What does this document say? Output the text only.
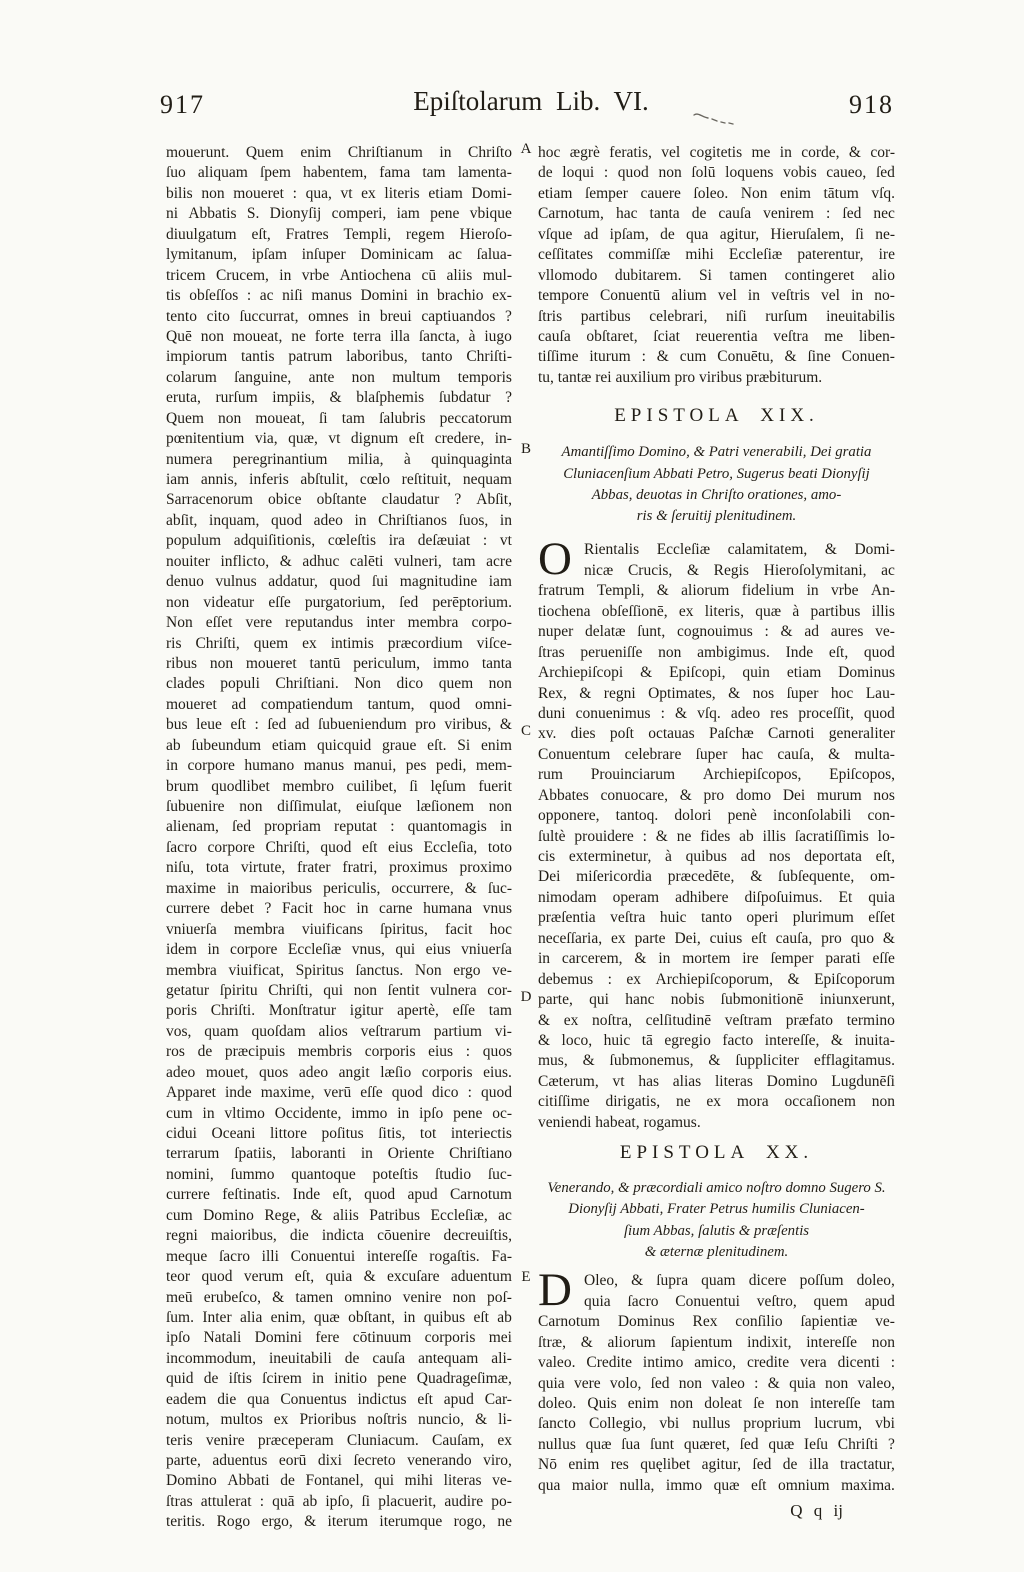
917	Epiſtolarum Lib. VI.	918
A
B
C
D
E
mouerunt. Quem enim Chriſtianum in Chriſto
ſuo aliquam ſpem habentem, fama tam lamenta-
bilis non moueret : qua, vt ex literis etiam Domi-
ni Abbatis S. Dionyſij comperi, iam pene vbique
diuulgatum eſt, Fratres Templi, regem Hieroſo-
lymitanum, ipſam inſuper Dominicam ac ſalua-
tricem Crucem, in vrbe Antiochena cū aliis mul-
tis obſeſſos : ac niſi manus Domini in brachio ex-
tento cito ſuccurrat, omnes in breui captiuandos ?
Quē non moueat, ne forte terra illa ſancta, à iugo
impiorum tantis patrum laboribus, tanto Chriſti-
colarum ſanguine, ante non multum temporis
eruta, rurſum impiis, & blaſphemis ſubdatur ?
Quem non moueat, ſi tam ſalubris peccatorum
pœnitentium via, quæ, vt dignum eſt credere, in-
numera peregrinantium milia, à quinquaginta
iam annis, inferis abſtulit, cœlo reſtituit, nequam
Sarracenorum obice obſtante claudatur ? Abſit,
abſit, inquam, quod adeo in Chriſtianos ſuos, in
populum adquiſitionis, cœleſtis ira deſæuiat : vt
nouiter inflicto, & adhuc calēti vulneri, tam acre
denuo vulnus addatur, quod ſui magnitudine iam
non videatur eſſe purgatorium, ſed perēptorium.
Non eſſet vere reputandus inter membra corpo-
ris Chriſti, quem ex intimis præcordium viſce-
ribus non moueret tantū periculum, immo tanta
clades populi Chriſtiani. Non dico quem non
moueret ad compatiendum tantum, quod omni-
bus leue eſt : ſed ad ſubueniendum pro viribus, &
ab ſubeundum etiam quicquid graue eſt. Si enim
in corpore humano manus manui, pes pedi, mem-
brum quodlibet membro cuilibet, ſi lęſum fuerit
ſubuenire non diſſimulat, eiuſque læſionem non
alienam, ſed propriam reputat : quantomagis in
ſacro corpore Chriſti, quod eſt eius Eccleſia, toto
niſu, tota virtute, frater fratri, proximus proximo
maxime in maioribus periculis, occurrere, & ſuc-
currere debet ? Facit hoc in carne humana vnus
vniuerſa membra viuificans ſpiritus, facit hoc
idem in corpore Eccleſiæ vnus, qui eius vniuerſa
membra viuificat, Spiritus ſanctus. Non ergo ve-
getatur ſpiritu Chriſti, qui non ſentit vulnera cor-
poris Chriſti. Monſtratur igitur apertè, eſſe tam
vos, quam quoſdam alios veſtrarum partium vi-
ros de præcipuis membris corporis eius : quos
adeo mouet, quos adeo angit læſio corporis eius.
Apparet inde maxime, verū eſſe quod dico : quod
cum in vltimo Occidente, immo in ipſo pene oc-
cidui Oceani littore poſitus ſitis, tot interiectis
terrarum ſpatiis, laboranti in Oriente Chriſtiano
nomini, ſummo quantoque poteſtis ſtudio ſuc-
currere feſtinatis. Inde eſt, quod apud Carnotum
cum Domino Rege, & aliis Patribus Eccleſiæ, ac
regni maioribus, die indicta cōuenire decreuiſtis,
meque ſacro illi Conuentui intereſſe rogaſtis. Fa-
teor quod verum eſt, quia & excuſare aduentum
meū erubeſco, & tamen omnino venire non poſ-
ſum. Inter alia enim, quæ obſtant, in quibus eſt ab
ipſo Natali Domini fere cōtinuum corporis mei
incommodum, ineuitabili de cauſa antequam ali-
quid de iſtis ſcirem in initio pene Quadrageſimæ,
eadem die qua Conuentus indictus eſt apud Car-
notum, multos ex Prioribus noſtris nuncio, & li-
teris venire præceperam Cluniacum. Cauſam, ex
parte, aduentus eorū dixi ſecreto venerando viro,
Domino Abbati de Fontanel, qui mihi literas ve-
ſtras attulerat : quā ab ipſo, ſi placuerit, audire po-
teritis. Rogo ergo, & iterum iterumque rogo, ne
hoc ægrè feratis, vel cogitetis me in corde, & cor-
de loqui : quod non ſolū loquens vobis caueo, ſed
etiam ſemper cauere ſoleo. Non enim tātum vſq.
Carnotum, hac tanta de cauſa venirem : ſed nec
vſque ad ipſam, de qua agitur, Hieruſalem, ſi ne-
ceſſitates commiſſæ mihi Eccleſiæ paterentur, ire
vllomodo dubitarem. Si tamen contingeret alio
tempore Conuentū alium vel in veſtris vel in no-
ſtris partibus celebrari, niſi rurſum ineuitabilis
cauſa obſtaret, ſciat reuerentia veſtra me liben-
tiſſime iturum : & cum Conuētu, & ſine Conuen-
tu, tantæ rei auxilium pro viribus præbiturum.
EPISTOLA XIX.
Amantiſſimo Domino, & Patri venerabili, Dei gratia
Cluniacenſium Abbati Petro, Sugerus beati Dionyſij
Abbas, deuotas in Chriſto orationes, amo-
ris & ſeruitij plenitudinem.
O Rientalis Eccleſiæ calamitatem, & Domi-
nicæ Crucis, & Regis Hieroſolymitani, ac
fratrum Templi, & aliorum fidelium in vrbe An-
tiochena obſeſſionē, ex literis, quæ à partibus illis
nuper delatæ ſunt, cognouimus : & ad aures ve-
ſtras perueniſſe non ambigimus. Inde eſt, quod
Archiepiſcopi & Epiſcopi, quin etiam Dominus
Rex, & regni Optimates, & nos ſuper hoc Lau-
duni conuenimus : & vſq. adeo res proceſſit, quod
xv. dies poſt octauas Paſchæ Carnoti generaliter
Conuentum celebrare ſuper hac cauſa, & multa-
rum Prouinciarum Archiepiſcopos, Epiſcopos,
Abbates conuocare, & pro domo Dei murum nos
opponere, tantoq. dolori penè inconſolabili con-
ſultè prouidere : & ne fides ab illis ſacratiſſimis lo-
cis exterminetur, à quibus ad nos deportata eſt,
Dei miſericordia præcedēte, & ſubſequente, om-
nimodam operam adhibere diſpoſuimus. Et quia
præſentia veſtra huic tanto operi plurimum eſſet
neceſſaria, ex parte Dei, cuius eſt cauſa, pro quo &
in carcerem, & in mortem ire ſemper parati eſſe
debemus : ex Archiepiſcoporum, & Epiſcoporum
parte, qui hanc nobis ſubmonitionē iniunxerunt,
& ex noſtra, celſitudinē veſtram præfato termino
& loco, huic tā egregio facto intereſſe, & inuita-
mus, & ſubmonemus, & ſuppliciter efflagitamus.
Cæterum, vt has alias literas Domino Lugdunēſi
citiſſime dirigatis, ne ex mora occaſionem non
veniendi habeat, rogamus.
EPISTOLA XX.
Venerando, & præcordiali amico noſtro domno Sugero S.
Dionyſij Abbati, Frater Petrus humilis Cluniacen-
ſium Abbas, ſalutis & præſentis
& æternæ plenitudinem.
D Oleo, & ſupra quam dicere poſſum doleo,
quia ſacro Conuentui veſtro, quem apud
Carnotum Dominus Rex conſilio ſapientiæ ve-
ſtræ, & aliorum ſapientum indixit, intereſſe non
valeo. Credite intimo amico, credite vera dicenti :
quia vere volo, ſed non valeo : & quia non valeo,
doleo. Quis enim non doleat ſe non intereſſe tam
ſancto Collegio, vbi nullus proprium lucrum, vbi
nullus quæ ſua ſunt quæret, ſed quæ Ieſu Chriſti ?
Nō enim res quęlibet agitur, ſed de illa tractatur,
qua maior nulla, immo quæ eſt omnium maxima.
Q q ij
